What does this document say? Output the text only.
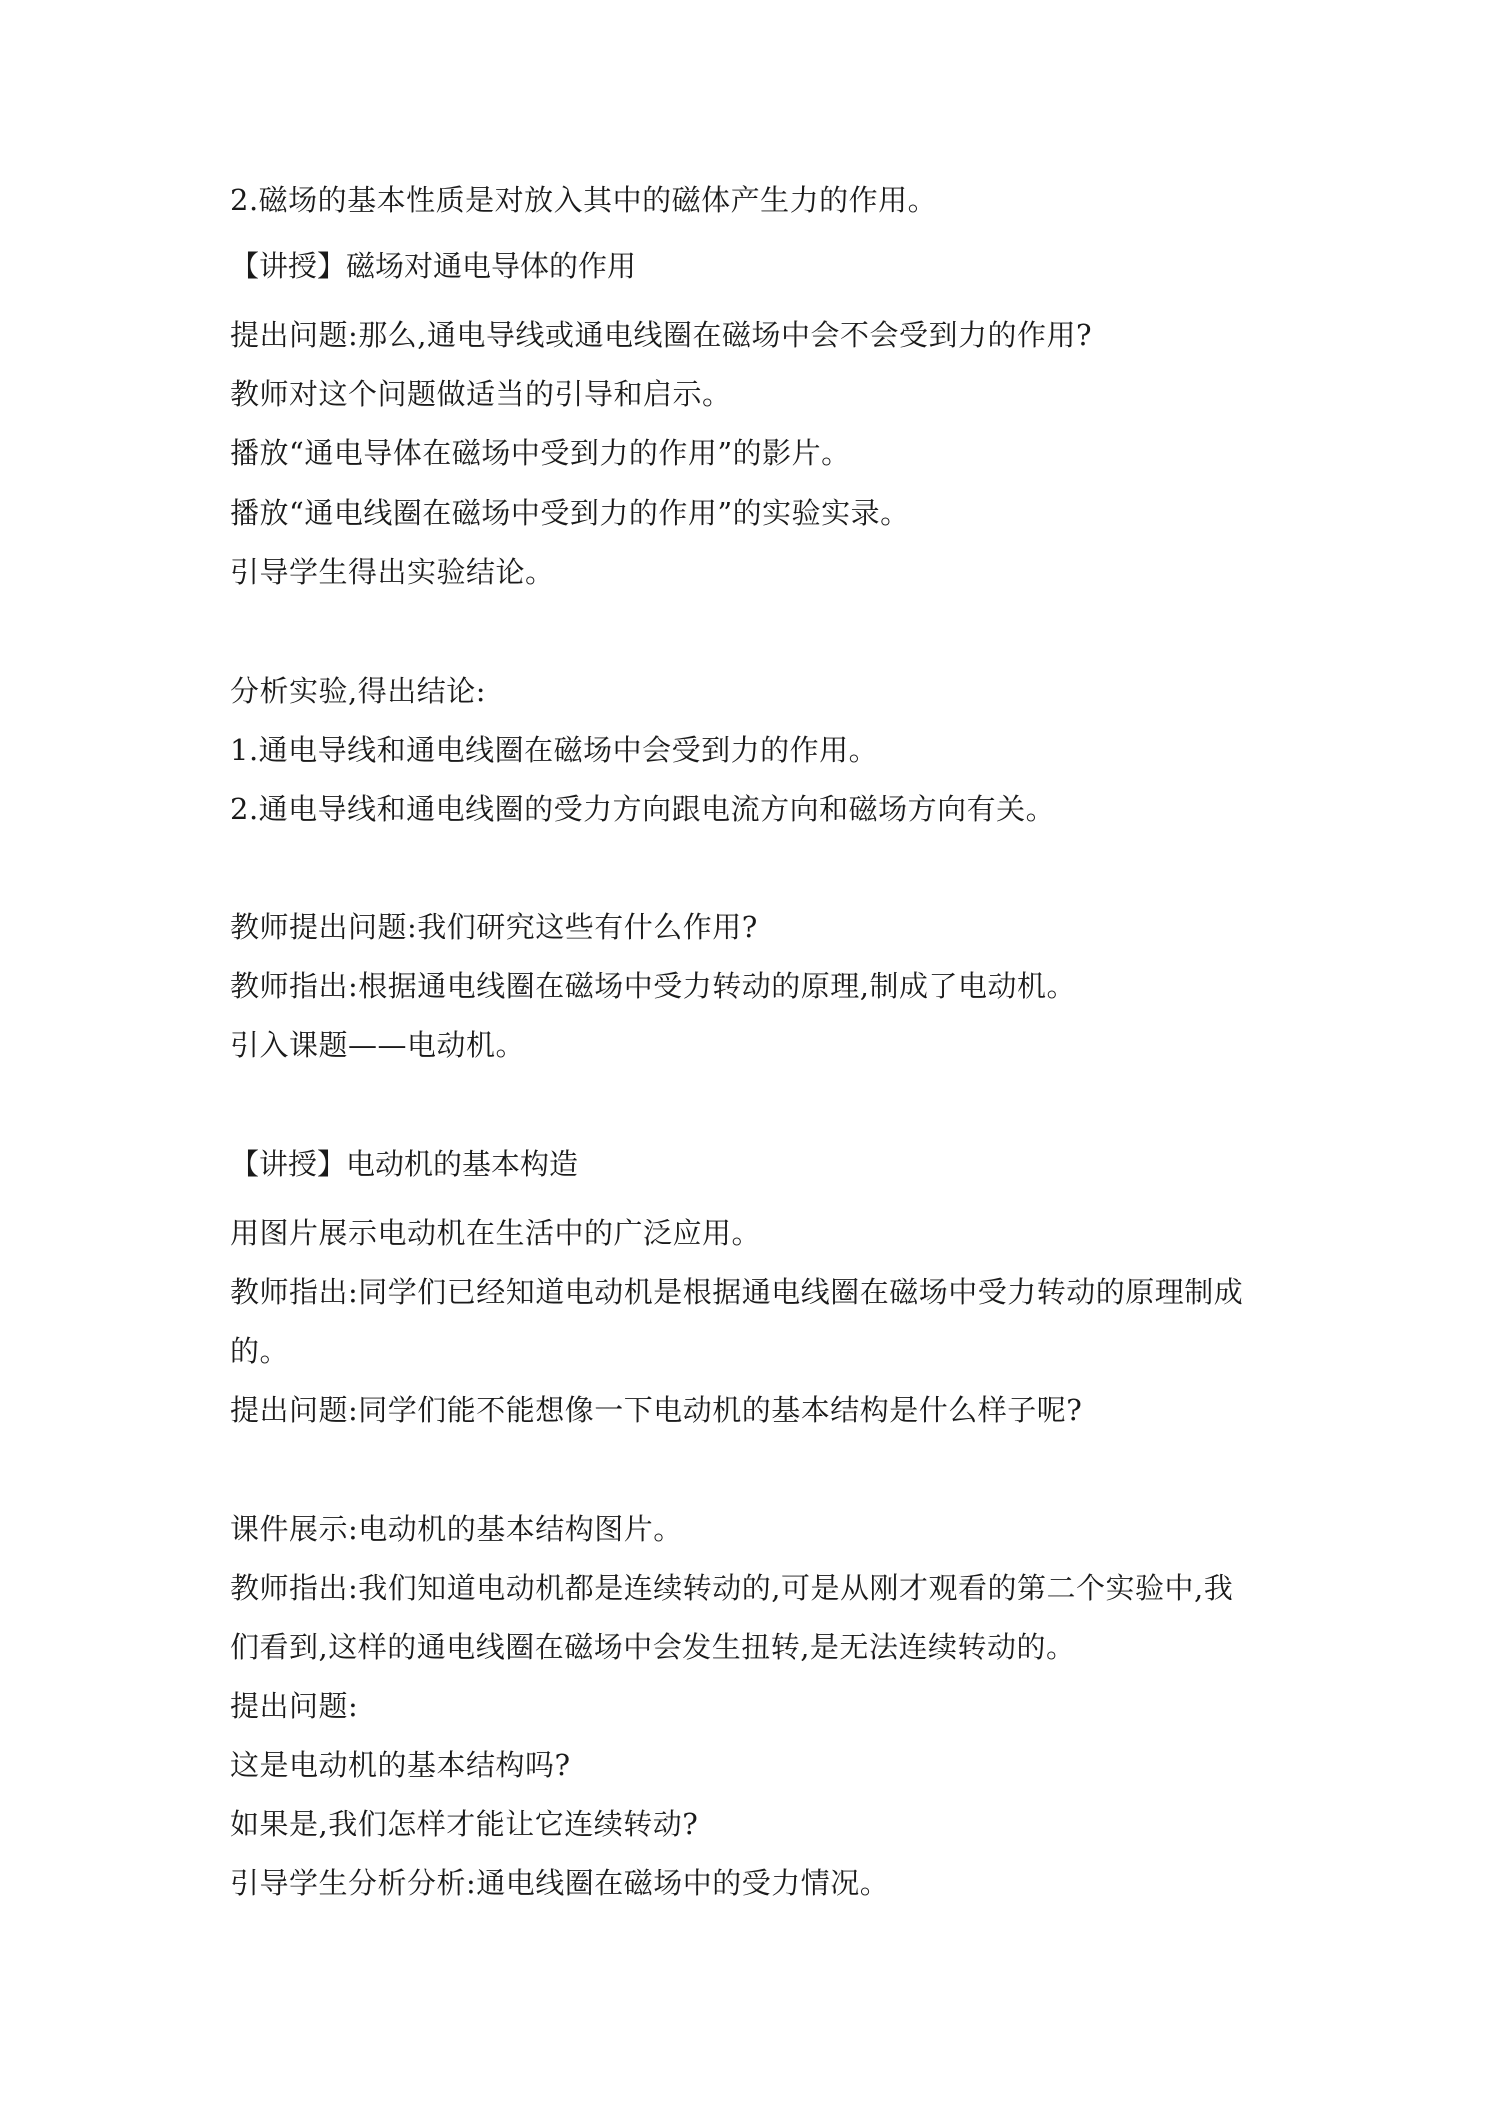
2.磁场的基本性质是对放入其中的磁体产生力的作用。
【讲授】磁场对通电导体的作用
提出问题:那么,通电导线或通电线圈在磁场中会不会受到力的作用?
教师对这个问题做适当的引导和启示。
播放“通电导体在磁场中受到力的作用”的影片。
播放“通电线圈在磁场中受到力的作用”的实验实录。
引导学生得出实验结论。
分析实验,得出结论:
1.通电导线和通电线圈在磁场中会受到力的作用。
2.通电导线和通电线圈的受力方向跟电流方向和磁场方向有关。
教师提出问题:我们研究这些有什么作用?
教师指出:根据通电线圈在磁场中受力转动的原理,制成了电动机。
引入课题——电动机。
【讲授】电动机的基本构造
用图片展示电动机在生活中的广泛应用。
教师指出:同学们已经知道电动机是根据通电线圈在磁场中受力转动的原理制成
的。
提出问题:同学们能不能想像一下电动机的基本结构是什么样子呢?
课件展示:电动机的基本结构图片。
教师指出:我们知道电动机都是连续转动的,可是从刚才观看的第二个实验中,我
们看到,这样的通电线圈在磁场中会发生扭转,是无法连续转动的。
提出问题:
这是电动机的基本结构吗?
如果是,我们怎样才能让它连续转动?
引导学生分析分析:通电线圈在磁场中的受力情况。
